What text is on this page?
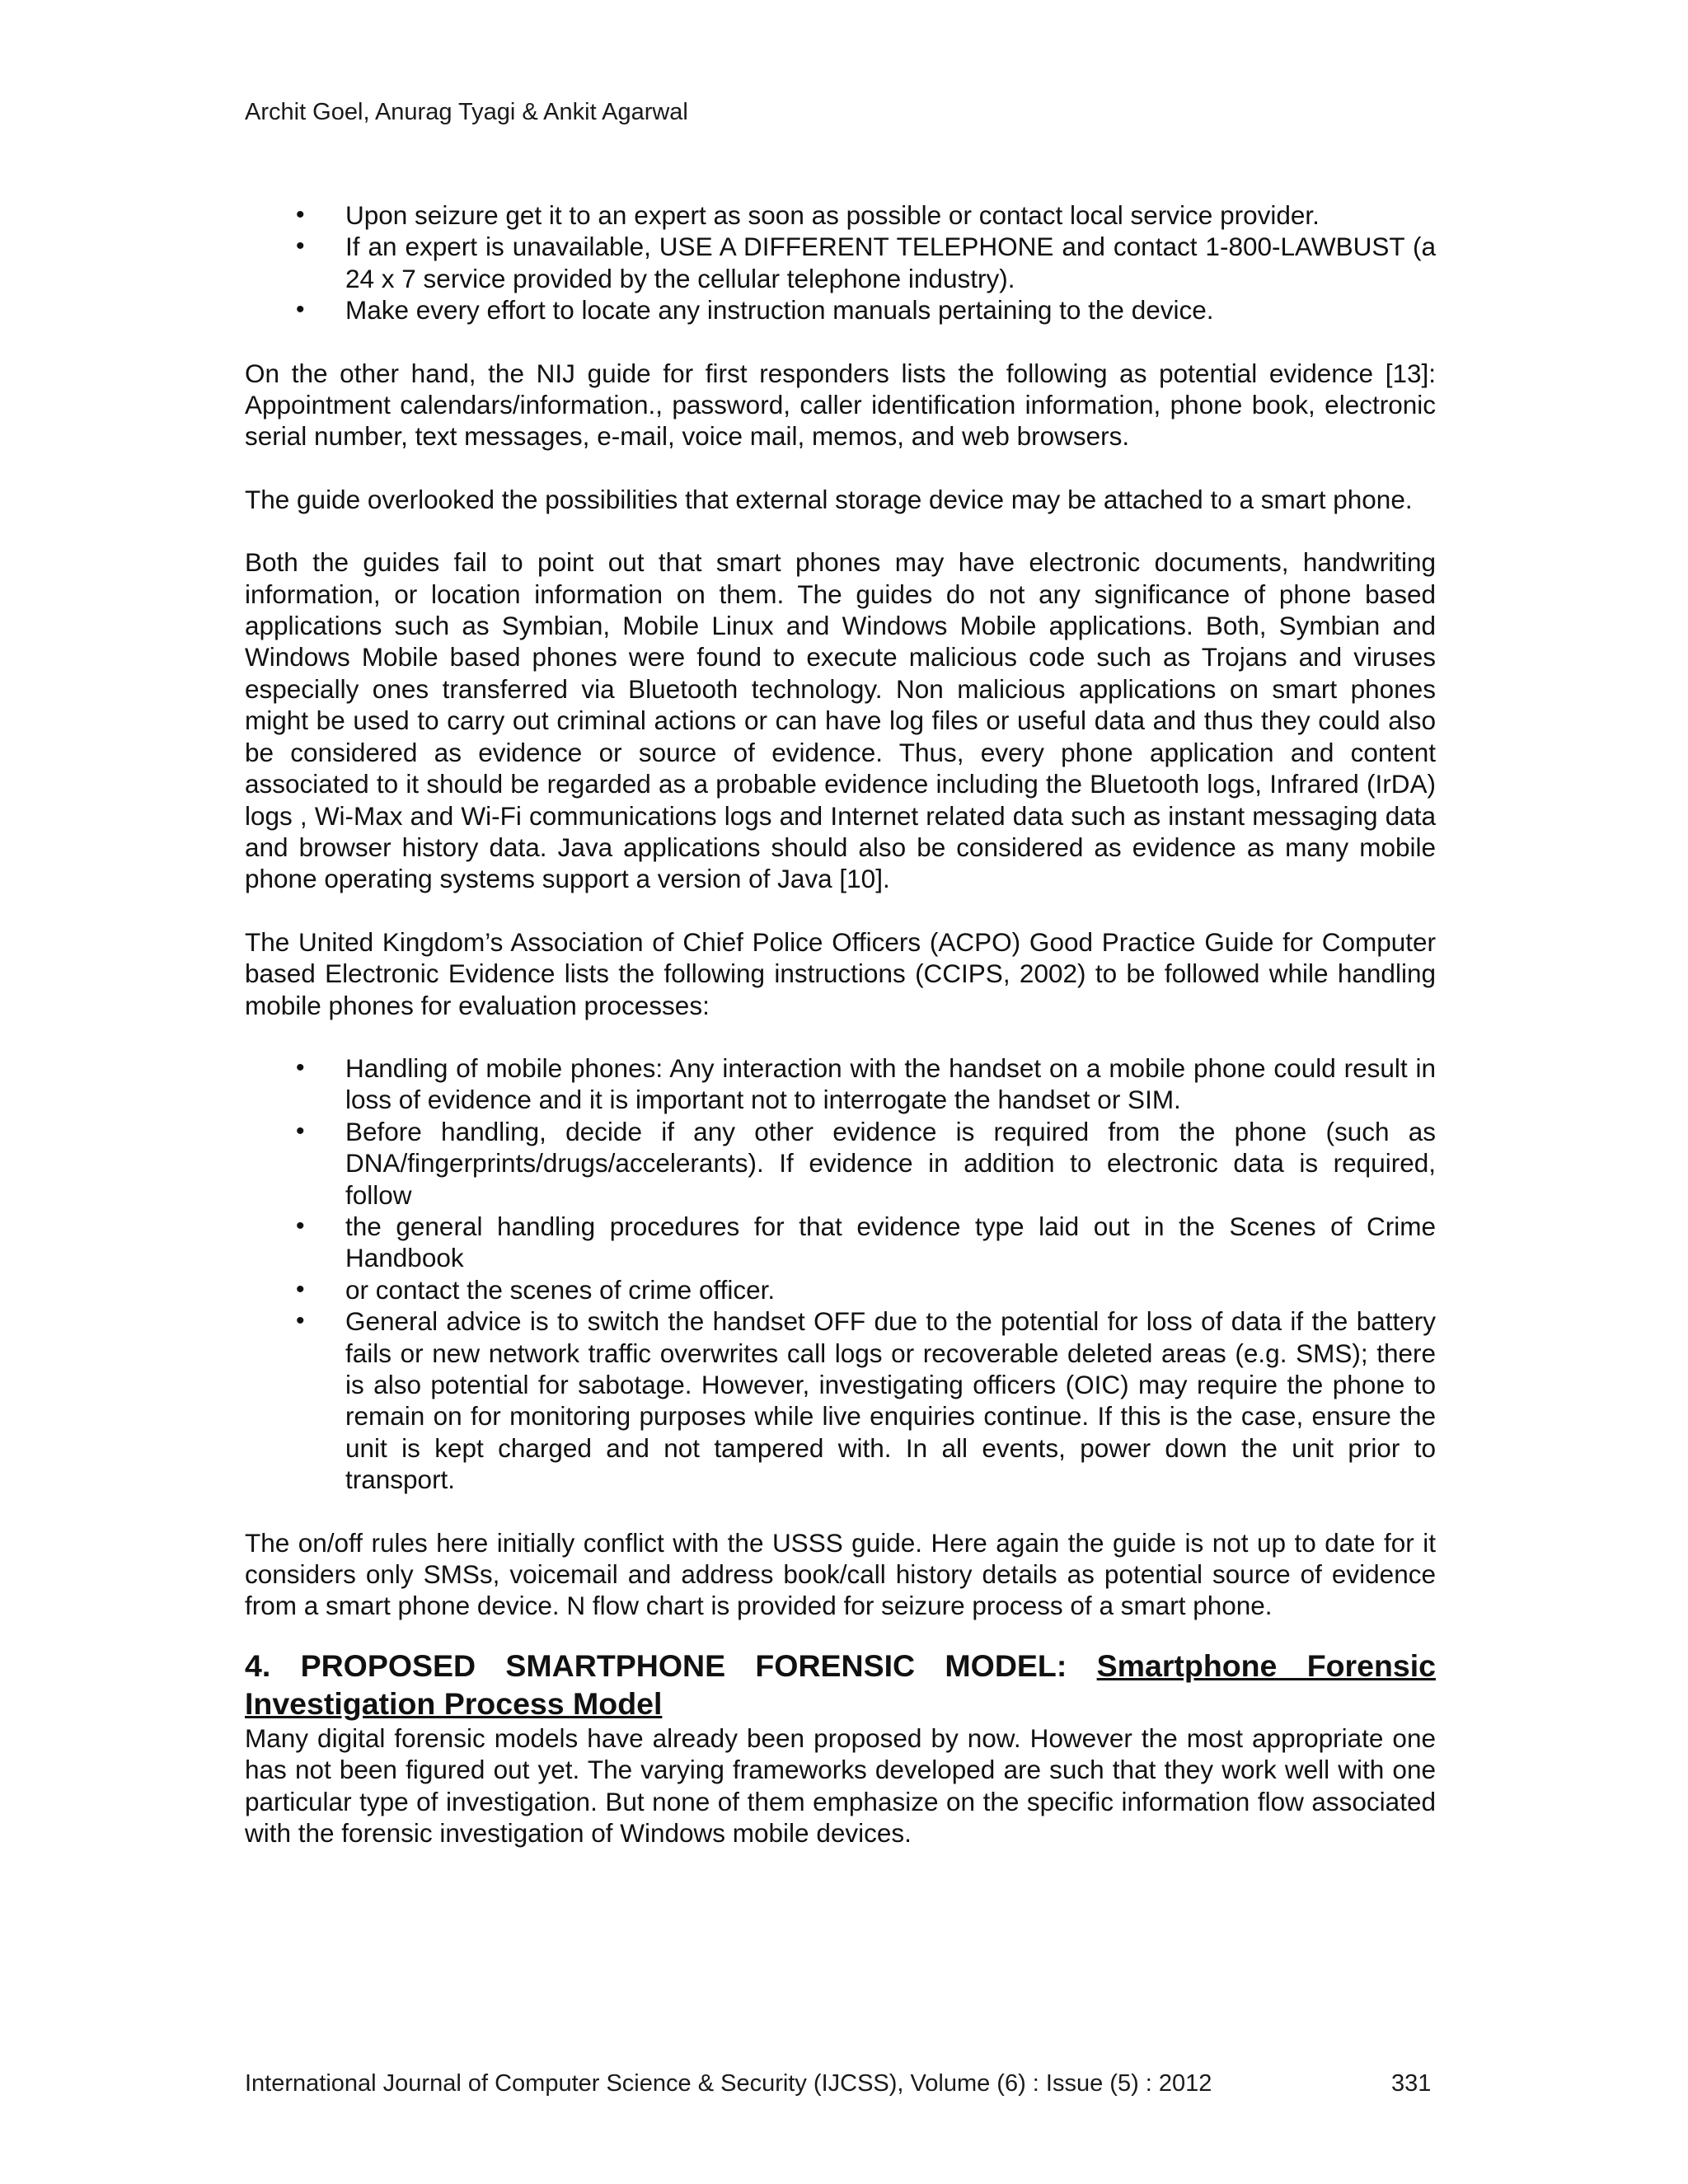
Archit Goel, Anurag Tyagi & Ankit Agarwal
• Upon seizure get it to an expert as soon as possible or contact local service provider.
• If an expert is unavailable, USE A DIFFERENT TELEPHONE and contact 1-800-LAWBUST (a 24 x 7 service provided by the cellular telephone industry).
• Make every effort to locate any instruction manuals pertaining to the device.

On the other hand, the NIJ guide for first responders lists the following as potential evidence [13]: Appointment calendars/information., password, caller identification information, phone book, electronic serial number, text messages, e-mail, voice mail, memos, and web browsers.

The guide overlooked the possibilities that external storage device may be attached to a smart phone.

Both the guides fail to point out that smart phones may have electronic documents, handwriting information, or location information on them. The guides do not any significance of phone based applications such as Symbian, Mobile Linux and Windows Mobile applications. Both, Symbian and Windows Mobile based phones were found to execute malicious code such as Trojans and viruses especially ones transferred via Bluetooth technology. Non malicious applications on smart phones might be used to carry out criminal actions or can have log files or useful data and thus they could also be considered as evidence or source of evidence. Thus, every phone application and content associated to it should be regarded as a probable evidence including the Bluetooth logs, Infrared (IrDA) logs , Wi-Max and Wi-Fi communications logs and Internet related data such as instant messaging data and browser history data. Java applications should also be considered as evidence as many mobile phone operating systems support a version of Java [10].

The United Kingdom’s Association of Chief Police Officers (ACPO) Good Practice Guide for Computer based Electronic Evidence lists the following instructions (CCIPS, 2002) to be followed while handling mobile phones for evaluation processes:

• Handling of mobile phones: Any interaction with the handset on a mobile phone could result in loss of evidence and it is important not to interrogate the handset or SIM.
• Before handling, decide if any other evidence is required from the phone (such as DNA/fingerprints/drugs/accelerants). If evidence in addition to electronic data is required, follow
• the general handling procedures for that evidence type laid out in the Scenes of Crime Handbook
• or contact the scenes of crime officer.
• General advice is to switch the handset OFF due to the potential for loss of data if the battery fails or new network traffic overwrites call logs or recoverable deleted areas (e.g. SMS); there is also potential for sabotage. However, investigating officers (OIC) may require the phone to remain on for monitoring purposes while live enquiries continue. If this is the case, ensure the unit is kept charged and not tampered with. In all events, power down the unit prior to transport.

The on/off rules here initially conflict with the USSS guide. Here again the guide is not up to date for it considers only SMSs, voicemail and address book/call history details as potential source of evidence from a smart phone device. N flow chart is provided for seizure process of a smart phone.

4. PROPOSED SMARTPHONE FORENSIC MODEL: Smartphone Forensic Investigation Process Model

Many digital forensic models have already been proposed by now. However the most appropriate one has not been figured out yet. The varying frameworks developed are such that they work well with one particular type of investigation. But none of them emphasize on the specific information flow associated with the forensic investigation of Windows mobile devices.

International Journal of Computer Science & Security (IJCSS), Volume (6) : Issue (5) : 2012	331
